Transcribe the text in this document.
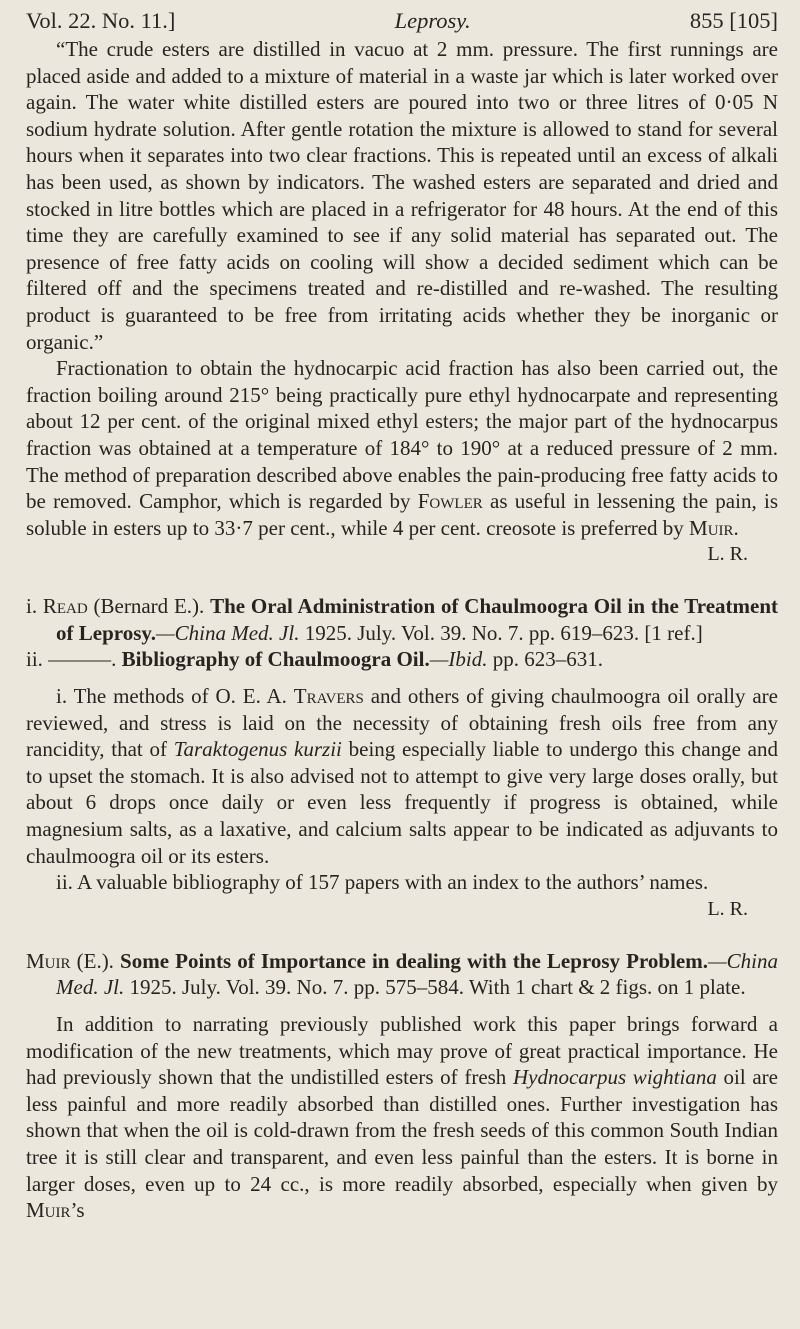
Vol. 22. No. 11.]	Leprosy.	855 [105]

“The crude esters are distilled in vacuo at 2 mm. pressure. The first runnings are placed aside and added to a mixture of material in a waste jar which is later worked over again. The water white distilled esters are poured into two or three litres of 0·05 N sodium hydrate solution. After gentle rotation the mixture is allowed to stand for several hours when it separates into two clear fractions. This is repeated until an excess of alkali has been used, as shown by indicators. The washed esters are separated and dried and stocked in litre bottles which are placed in a refrigerator for 48 hours. At the end of this time they are carefully examined to see if any solid material has separated out. The presence of free fatty acids on cooling will show a decided sediment which can be filtered off and the specimens treated and re-distilled and re-washed. The resulting product is guaranteed to be free from irritating acids whether they be inorganic or organic.”

Fractionation to obtain the hydnocarpic acid fraction has also been carried out, the fraction boiling around 215° being practically pure ethyl hydnocarpate and representing about 12 per cent. of the original mixed ethyl esters; the major part of the hydnocarpus fraction was obtained at a temperature of 184° to 190° at a reduced pressure of 2 mm. The method of preparation described above enables the pain-producing free fatty acids to be removed. Camphor, which is regarded by Fowler as useful in lessening the pain, is soluble in esters up to 33·7 per cent., while 4 per cent. creosote is preferred by Muir.

L. R.

i. Read (Bernard E.). The Oral Administration of Chaulmoogra Oil in the Treatment of Leprosy.—China Med. Jl. 1925. July. Vol. 39. No. 7. pp. 619–623. [1 ref.]

ii. ———. Bibliography of Chaulmoogra Oil.—Ibid. pp. 623–631.

i. The methods of O. E. A. Travers and others of giving chaulmoogra oil orally are reviewed, and stress is laid on the necessity of obtaining fresh oils free from any rancidity, that of Taraktogenus kurzii being especially liable to undergo this change and to upset the stomach. It is also advised not to attempt to give very large doses orally, but about 6 drops once daily or even less frequently if progress is obtained, while magnesium salts, as a laxative, and calcium salts appear to be indicated as adjuvants to chaulmoogra oil or its esters.

ii. A valuable bibliography of 157 papers with an index to the authors’ names.

L. R.

Muir (E.). Some Points of Importance in dealing with the Leprosy Problem.—China Med. Jl. 1925. July. Vol. 39. No. 7. pp. 575–584. With 1 chart & 2 figs. on 1 plate.

In addition to narrating previously published work this paper brings forward a modification of the new treatments, which may prove of great practical importance. He had previously shown that the undistilled esters of fresh Hydnocarpus wightiana oil are less painful and more readily absorbed than distilled ones. Further investigation has shown that when the oil is cold-drawn from the fresh seeds of this common South Indian tree it is still clear and transparent, and even less painful than the esters. It is borne in larger doses, even up to 24 cc., is more readily absorbed, especially when given by Muir’s
